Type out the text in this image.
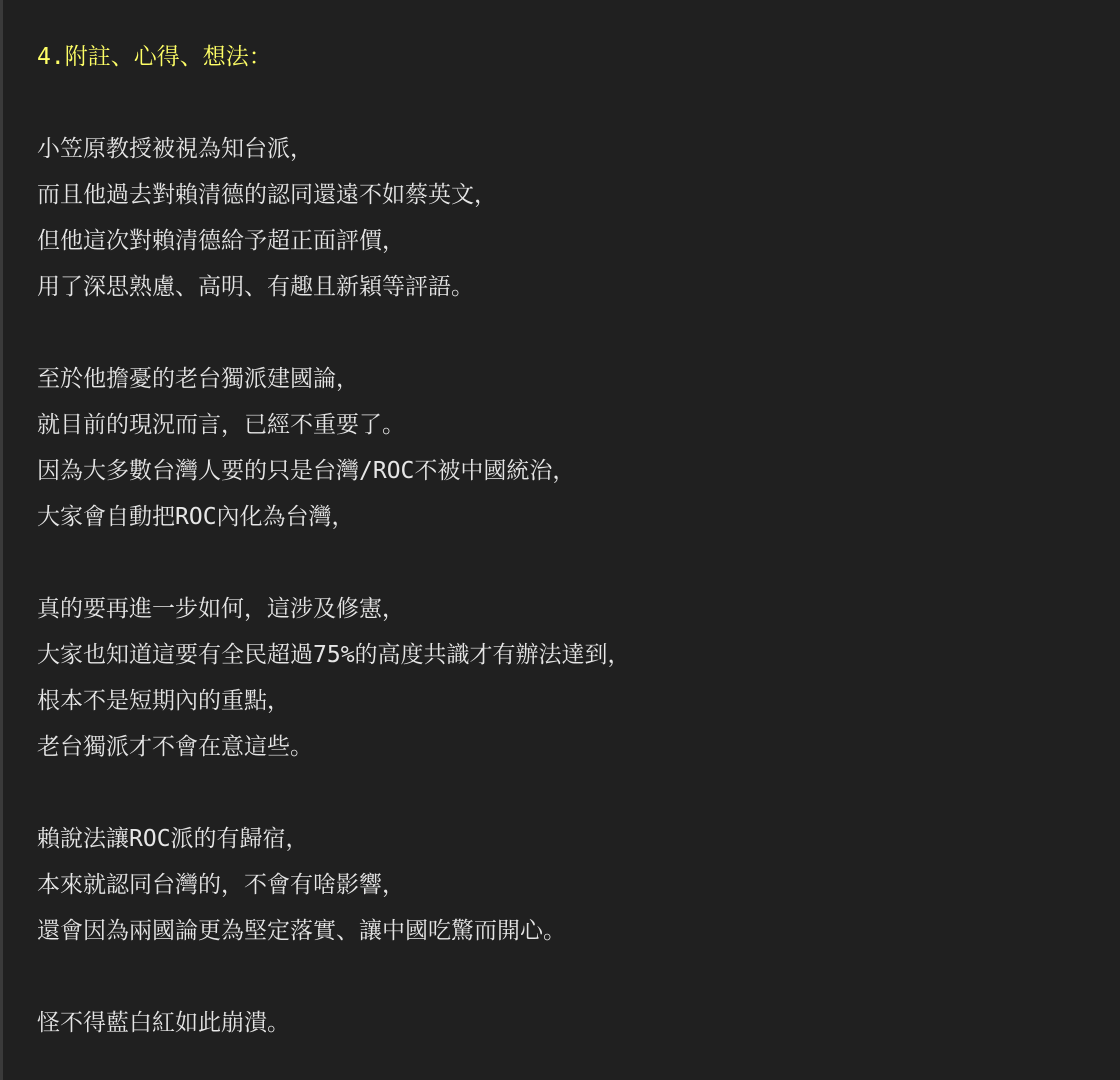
4.附註、心得、想法：
小笠原教授被視為知台派，
而且他過去對賴清德的認同還遠不如蔡英文，
但他這次對賴清德給予超正面評價，
用了深思熟慮、高明、有趣且新穎等評語。
至於他擔憂的老台獨派建國論，
就目前的現況而言，已經不重要了。
因為大多數台灣人要的只是台灣/ROC不被中國統治，
大家會自動把ROC內化為台灣，
真的要再進一步如何，這涉及修憲，
大家也知道這要有全民超過75%的高度共識才有辦法達到，
根本不是短期內的重點，
老台獨派才不會在意這些。
賴說法讓ROC派的有歸宿，
本來就認同台灣的，不會有啥影響，
還會因為兩國論更為堅定落實、讓中國吃驚而開心。
怪不得藍白紅如此崩潰。
